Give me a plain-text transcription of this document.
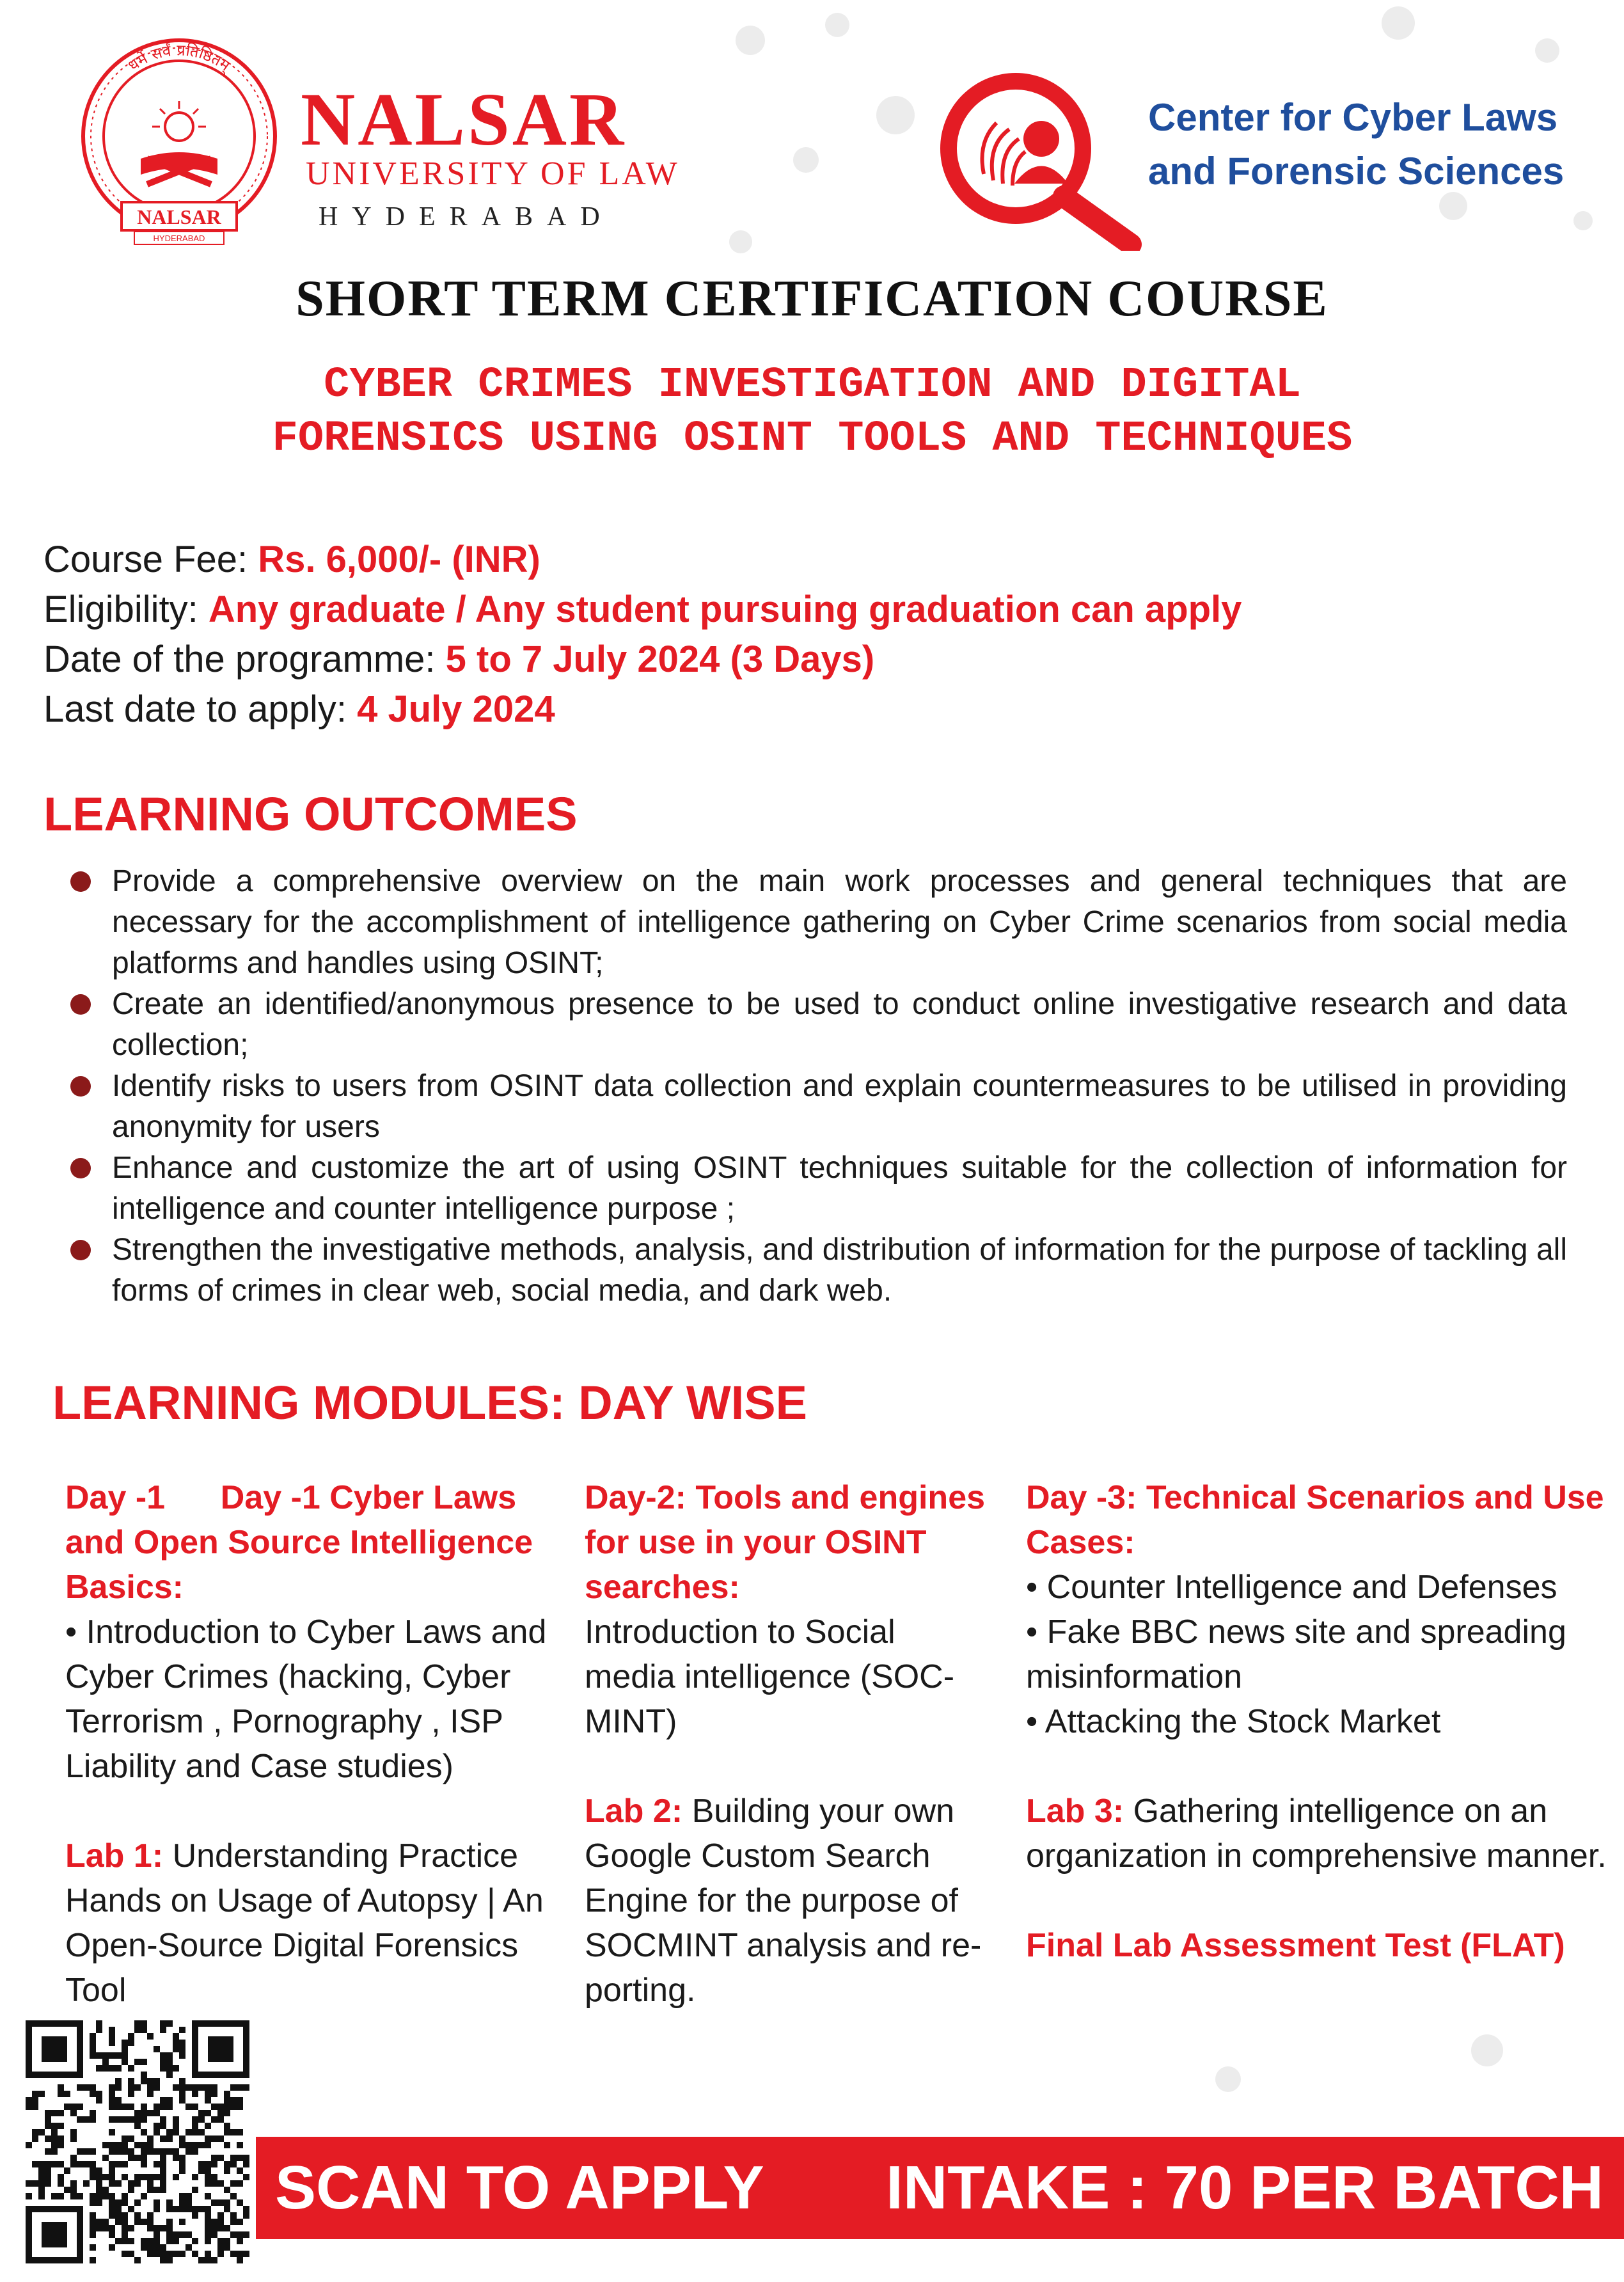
धर्मे सर्वं प्रतिष्ठितम्
NALSAR
HYDERABAD
NALSAR
UNIVERSITY OF LAW
HYDERABAD
Center for Cyber Laws
and Forensic Sciences
SHORT TERM CERTIFICATION COURSE
CYBER CRIMES INVESTIGATION AND DIGITAL
FORENSICS USING OSINT TOOLS AND TECHNIQUES
Course Fee: Rs. 6,000/- (INR)
Eligibility: Any graduate / Any student pursuing graduation can apply
Date of the programme: 5 to 7 July 2024 (3 Days)
Last date to apply: 4 July 2024
LEARNING OUTCOMES
Provide a comprehensive overview on the main work processes and general techniques that are necessary for the accomplishment of intelligence gathering on Cyber Crime scenarios from social media platforms and handles using OSINT;
Create an identified/anonymous presence to be used to conduct online investigative research and data collection;
Identify risks to users from OSINT data collection and explain countermeasures to be utilised in providing anonymity for users
Enhance and customize the art of using OSINT techniques suitable for the collection of information for intelligence and counter intelligence purpose ;
Strengthen the investigative methods, analysis, and distribution of information for the purpose of tackling all forms of crimes in clear web, social media, and dark web.
LEARNING MODULES: DAY WISE

Day -1      Day -1 Cyber Laws and Open Source Intelligence Basics:

• Introduction to Cyber Laws and Cyber Crimes (hacking, Cyber Terrorism , Pornography , ISP Liability and Case studies)

Lab 1: Understanding Practice Hands on Usage of Autopsy | An Open-Source Digital Forensics Tool

Day-2: Tools and engines for use in your OSINT searches:

Introduction to Social media intelligence (SOC-MINT)

Lab 2: Building your own Google Custom Search Engine for the purpose of SOCMINT analysis and re-porting.

Day -3: Technical Scenarios and Use Cases:

• Counter Intelligence and Defenses

• Fake BBC news site and spreading misinformation

• Attacking the Stock Market

Lab 3: Gathering intelligence on an organization in comprehensive manner.

Final Lab Assessment Test (FLAT)

SCAN TO APPLY INTAKE : 70 PER BATCH
